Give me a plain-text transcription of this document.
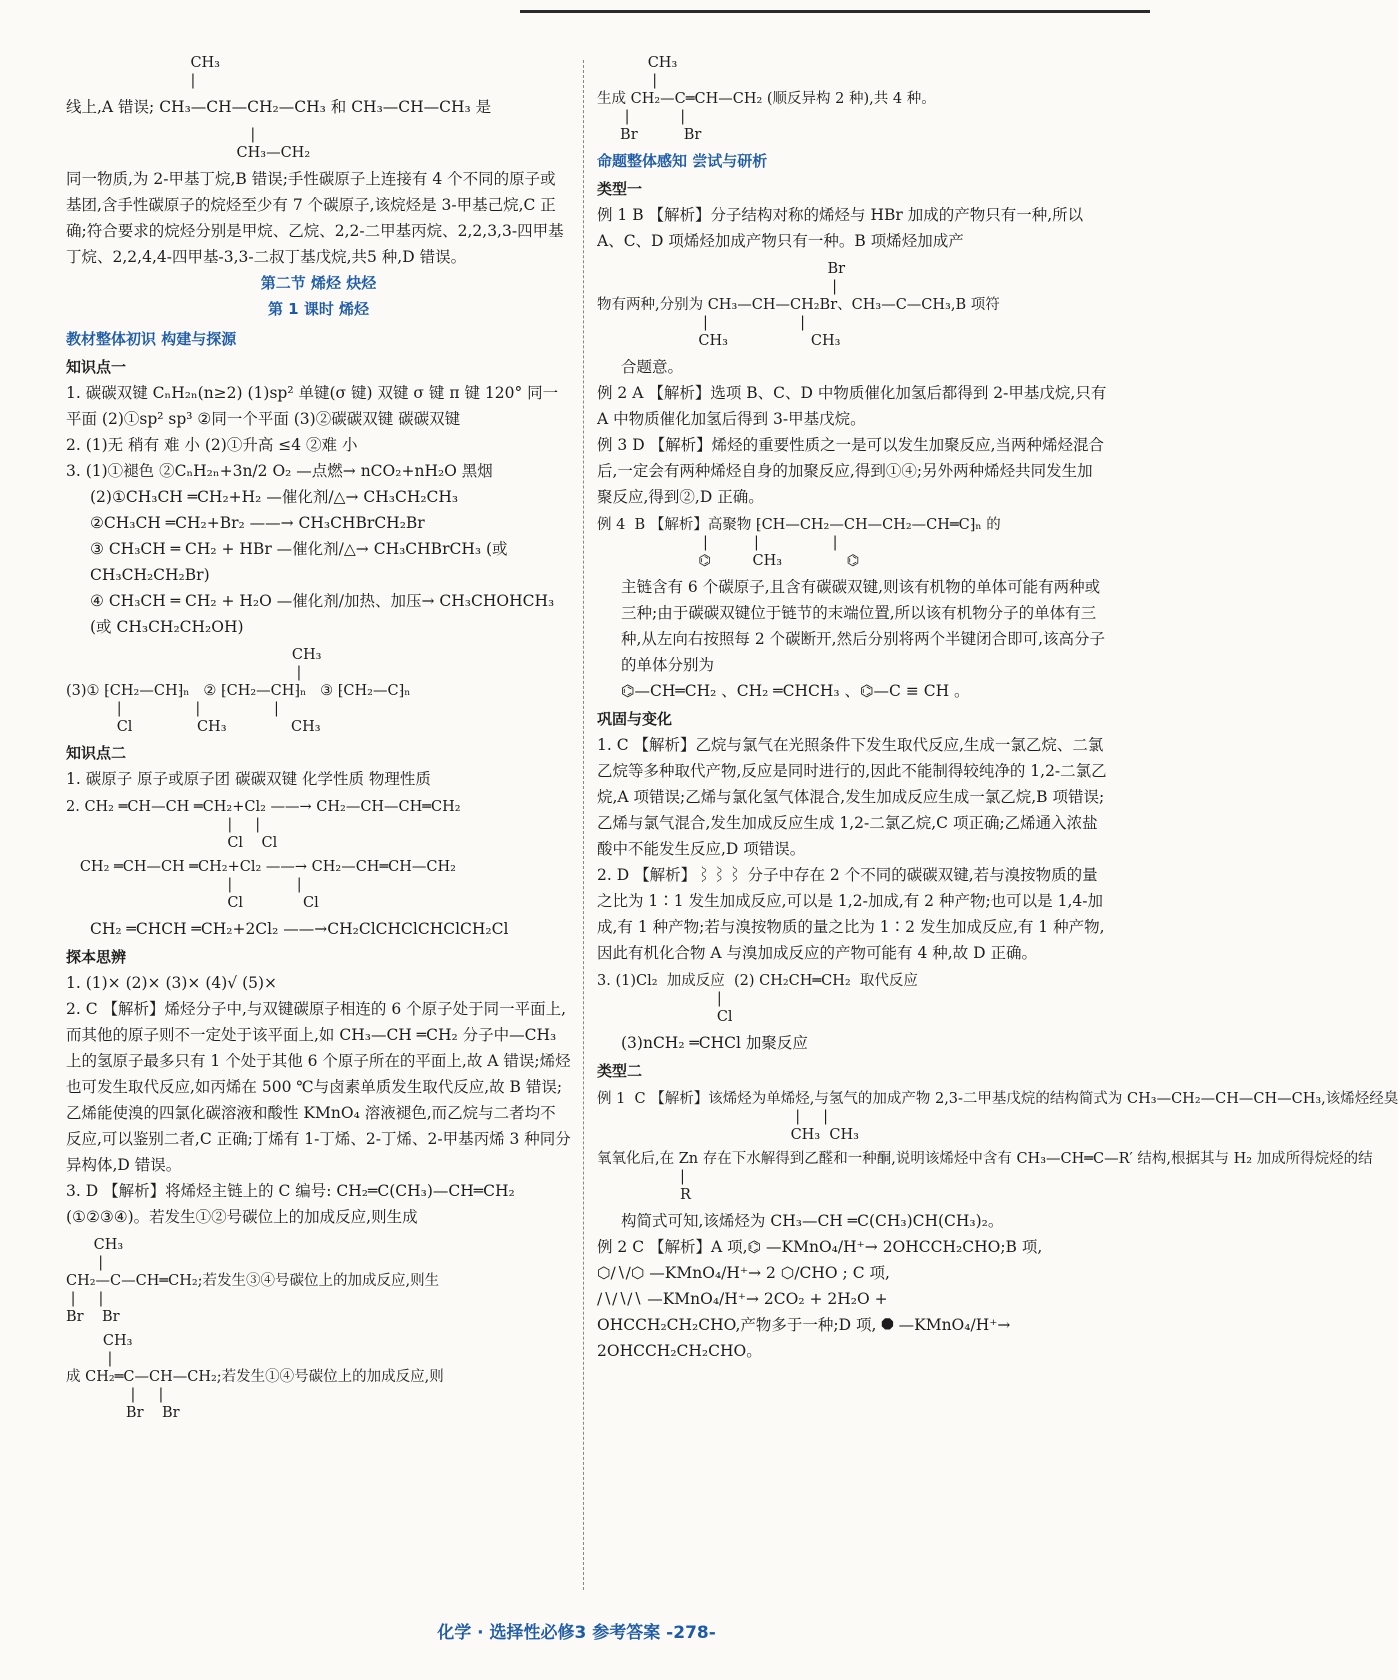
CH₃
|

线上,A 错误; CH₃—CH—CH₂—CH₃ 和 CH₃—CH—CH₃ 是

|
CH₃—CH₂

同一物质,为 2-甲基丁烷,B 错误;手性碳原子上连接有 4 个不同的原子或基团,含手性碳原子的烷烃至少有 7 个碳原子,该烷烃是 3-甲基己烷,C 正确;符合要求的烷烃分别是甲烷、乙烷、2,2-二甲基丙烷、2,2,3,3-四甲基丁烷、2,2,4,4-四甲基-3,3-二叔丁基戊烷,共5 种,D 错误。

第二节 烯烃 炔烃
第 1 课时 烯烃
教材整体初识 构建与探源
知识点一

1. 碳碳双键 CₙH₂ₙ(n≥2) (1)sp² 单键(σ 键) 双键 σ 键 π 键 120° 同一平面 (2)①sp² sp³ ②同一个平面 (3)②碳碳双键 碳碳双键

2. (1)无 稍有 难 小 (2)①升高 ≤4 ②难 小

3. (1)①褪色 ②CₙH₂ₙ+3n/2 O₂ —点燃→ nCO₂+nH₂O 黑烟

(2)①CH₃CH ═CH₂+H₂ —催化剂/△→ CH₃CH₂CH₃

②CH₃CH ═CH₂+Br₂ ——→ CH₃CHBrCH₂Br

③ CH₃CH ═ CH₂ + HBr —催化剂/△→ CH₃CHBrCH₃ (或 CH₃CH₂CH₂Br)

④ CH₃CH ═ CH₂ + H₂O —催化剂/加热、加压→ CH₃CHOHCH₃ (或 CH₃CH₂CH₂OH)

CH₃
|
(3)① ⁅CH₂—CH⁆ₙ   ② ⁅CH₂—CH⁆ₙ   ③ ⁅CH₂—C⁆ₙ
|                |                |
Cl              CH₃              CH₃
知识点二

1. 碳原子 原子或原子团 碳碳双键 化学性质 物理性质

2. CH₂ ═CH—CH ═CH₂+Cl₂ ——→ CH₂—CH—CH═CH₂
|     |
Cl    Cl
CH₂ ═CH—CH ═CH₂+Cl₂ ——→ CH₂—CH═CH—CH₂
|              |
Cl             Cl

CH₂ ═CHCH ═CH₂+2Cl₂ ——→CH₂ClCHClCHClCH₂Cl

探本思辨

1. (1)× (2)× (3)× (4)√ (5)×

2. C 【解析】烯烃分子中,与双键碳原子相连的 6 个原子处于同一平面上,而其他的原子则不一定处于该平面上,如 CH₃—CH ═CH₂ 分子中—CH₃ 上的氢原子最多只有 1 个处于其他 6 个原子所在的平面上,故 A 错误;烯烃也可发生取代反应,如丙烯在 500 ℃与卤素单质发生取代反应,故 B 错误;乙烯能使溴的四氯化碳溶液和酸性 KMnO₄ 溶液褪色,而乙烷与二者均不反应,可以鉴别二者,C 正确;丁烯有 1-丁烯、2-丁烯、2-甲基丙烯 3 种同分异构体,D 错误。

3. D 【解析】将烯烃主链上的 C 编号: CH₂═C(CH₃)—CH═CH₂ (①②③④)。若发生①②号碳位上的加成反应,则生成

CH₃
|
CH₂—C—CH═CH₂;若发生③④号碳位上的加成反应,则生
|     |
Br    Br
CH₃
|
成 CH₂═C—CH—CH₂;若发生①④号碳位上的加成反应,则
|     |
Br    Br
CH₃
|
生成 CH₂—C═CH—CH₂ (顺反异构 2 种),共 4 种。
|           |
Br          Br
命题整体感知 尝试与研析
类型一

例 1 B 【解析】分子结构对称的烯烃与 HBr 加成的产物只有一种,所以 A、C、D 项烯烃加成产物只有一种。B 项烯烃加成产

Br
|
物有两种,分别为 CH₃—CH—CH₂Br、CH₃—C—CH₃,B 项符
|                    |
CH₃                  CH₃

合题意。

例 2 A 【解析】选项 B、C、D 中物质催化加氢后都得到 2-甲基戊烷,只有 A 中物质催化加氢后得到 3-甲基戊烷。

例 3 D 【解析】烯烃的重要性质之一是可以发生加聚反应,当两种烯烃混合后,一定会有两种烯烃自身的加聚反应,得到①④;另外两种烯烃共同发生加聚反应,得到②,D 正确。

例 4  B 【解析】高聚物 ⁅CH—CH₂—CH—CH₂—CH═C⁆ₙ 的
|          |                |
⌬         CH₃              ⌬

主链含有 6 个碳原子,且含有碳碳双键,则该有机物的单体可能有两种或三种;由于碳碳双键位于链节的末端位置,所以该有机物分子的单体有三种,从左向右按照每 2 个碳断开,然后分别将两个半键闭合即可,该高分子的单体分别为

⌬—CH═CH₂ 、CH₂ ═CHCH₃ 、⌬—C ≡ CH 。

巩固与变化

1. C 【解析】乙烷与氯气在光照条件下发生取代反应,生成一氯乙烷、二氯乙烷等多种取代产物,反应是同时进行的,因此不能制得较纯净的 1,2-二氯乙烷,A 项错误;乙烯与氯化氢气体混合,发生加成反应生成一氯乙烷,B 项错误;乙烯与氯气混合,发生加成反应生成 1,2-二氯乙烷,C 项正确;乙烯通入浓盐酸中不能发生反应,D 项错误。

2. D 【解析】⌇⌇⌇ 分子中存在 2 个不同的碳碳双键,若与溴按物质的量之比为 1∶1 发生加成反应,可以是 1,2-加成,有 2 种产物;也可以是 1,4-加成,有 1 种产物;若与溴按物质的量之比为 1∶2 发生加成反应,有 1 种产物,因此有机化合物 A 与溴加成反应的产物可能有 4 种,故 D 正确。

3. (1)Cl₂  加成反应  (2) CH₂CH═CH₂  取代反应
|
Cl

(3)nCH₂ ═CHCl 加聚反应

类型二
例 1  C 【解析】该烯烃为单烯烃,与氢气的加成产物 2,3-二甲基戊烷的结构简式为 CH₃—CH₂—CH—CH—CH₃,该烯烃经臭
|     |
CH₃  CH₃
氧氧化后,在 Zn 存在下水解得到乙醛和一种酮,说明该烯烃中含有 CH₃—CH═C—R′ 结构,根据其与 H₂ 加成所得烷烃的结
|
R

构简式可知,该烯烃为 CH₃—CH ═C(CH₃)CH(CH₃)₂。

例 2 C 【解析】A 项,⌬ —KMnO₄/H⁺→ 2OHCCH₂CHO;B 项,

⬡∕∖∕⬡ —KMnO₄/H⁺→ 2 ⬡∕CHO ; C 项,

∕∖∕∖∕∖ —KMnO₄/H⁺→ 2CO₂ + 2H₂O +

OHCCH₂CH₂CHO,产物多于一种;D 项, ⯃ —KMnO₄/H⁺→

2OHCCH₂CH₂CHO。

化学 · 选择性必修3 参考答案 -278-
